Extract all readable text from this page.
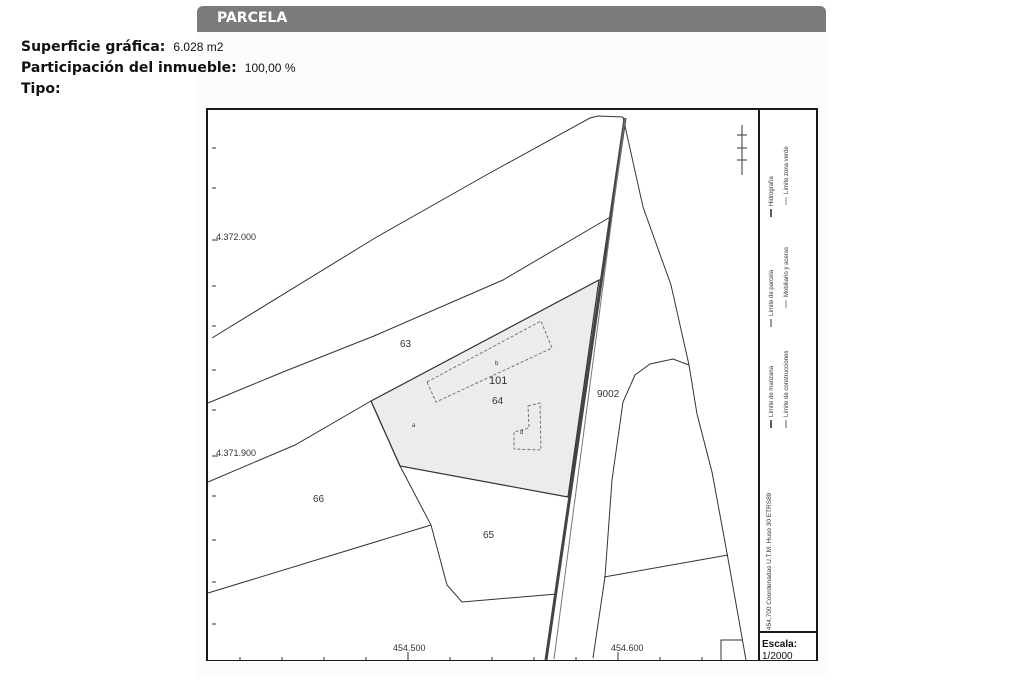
PARCELA
Superficie gráfica: 6.028 m2
Participación del inmueble: 100,00 %
Tipo:
4.372.000
4.371.900
454.500	454.600
63
64
101
65
66
9002
b
a
d
454,700 Coordenadas U.T.M. Huso 30 ETRS89
Límite de manzana
Límite de parcela
Hidrografía
Límite de construcciones
Mobiliario y aceras
Límite zona verde
Escala:
1/2000
